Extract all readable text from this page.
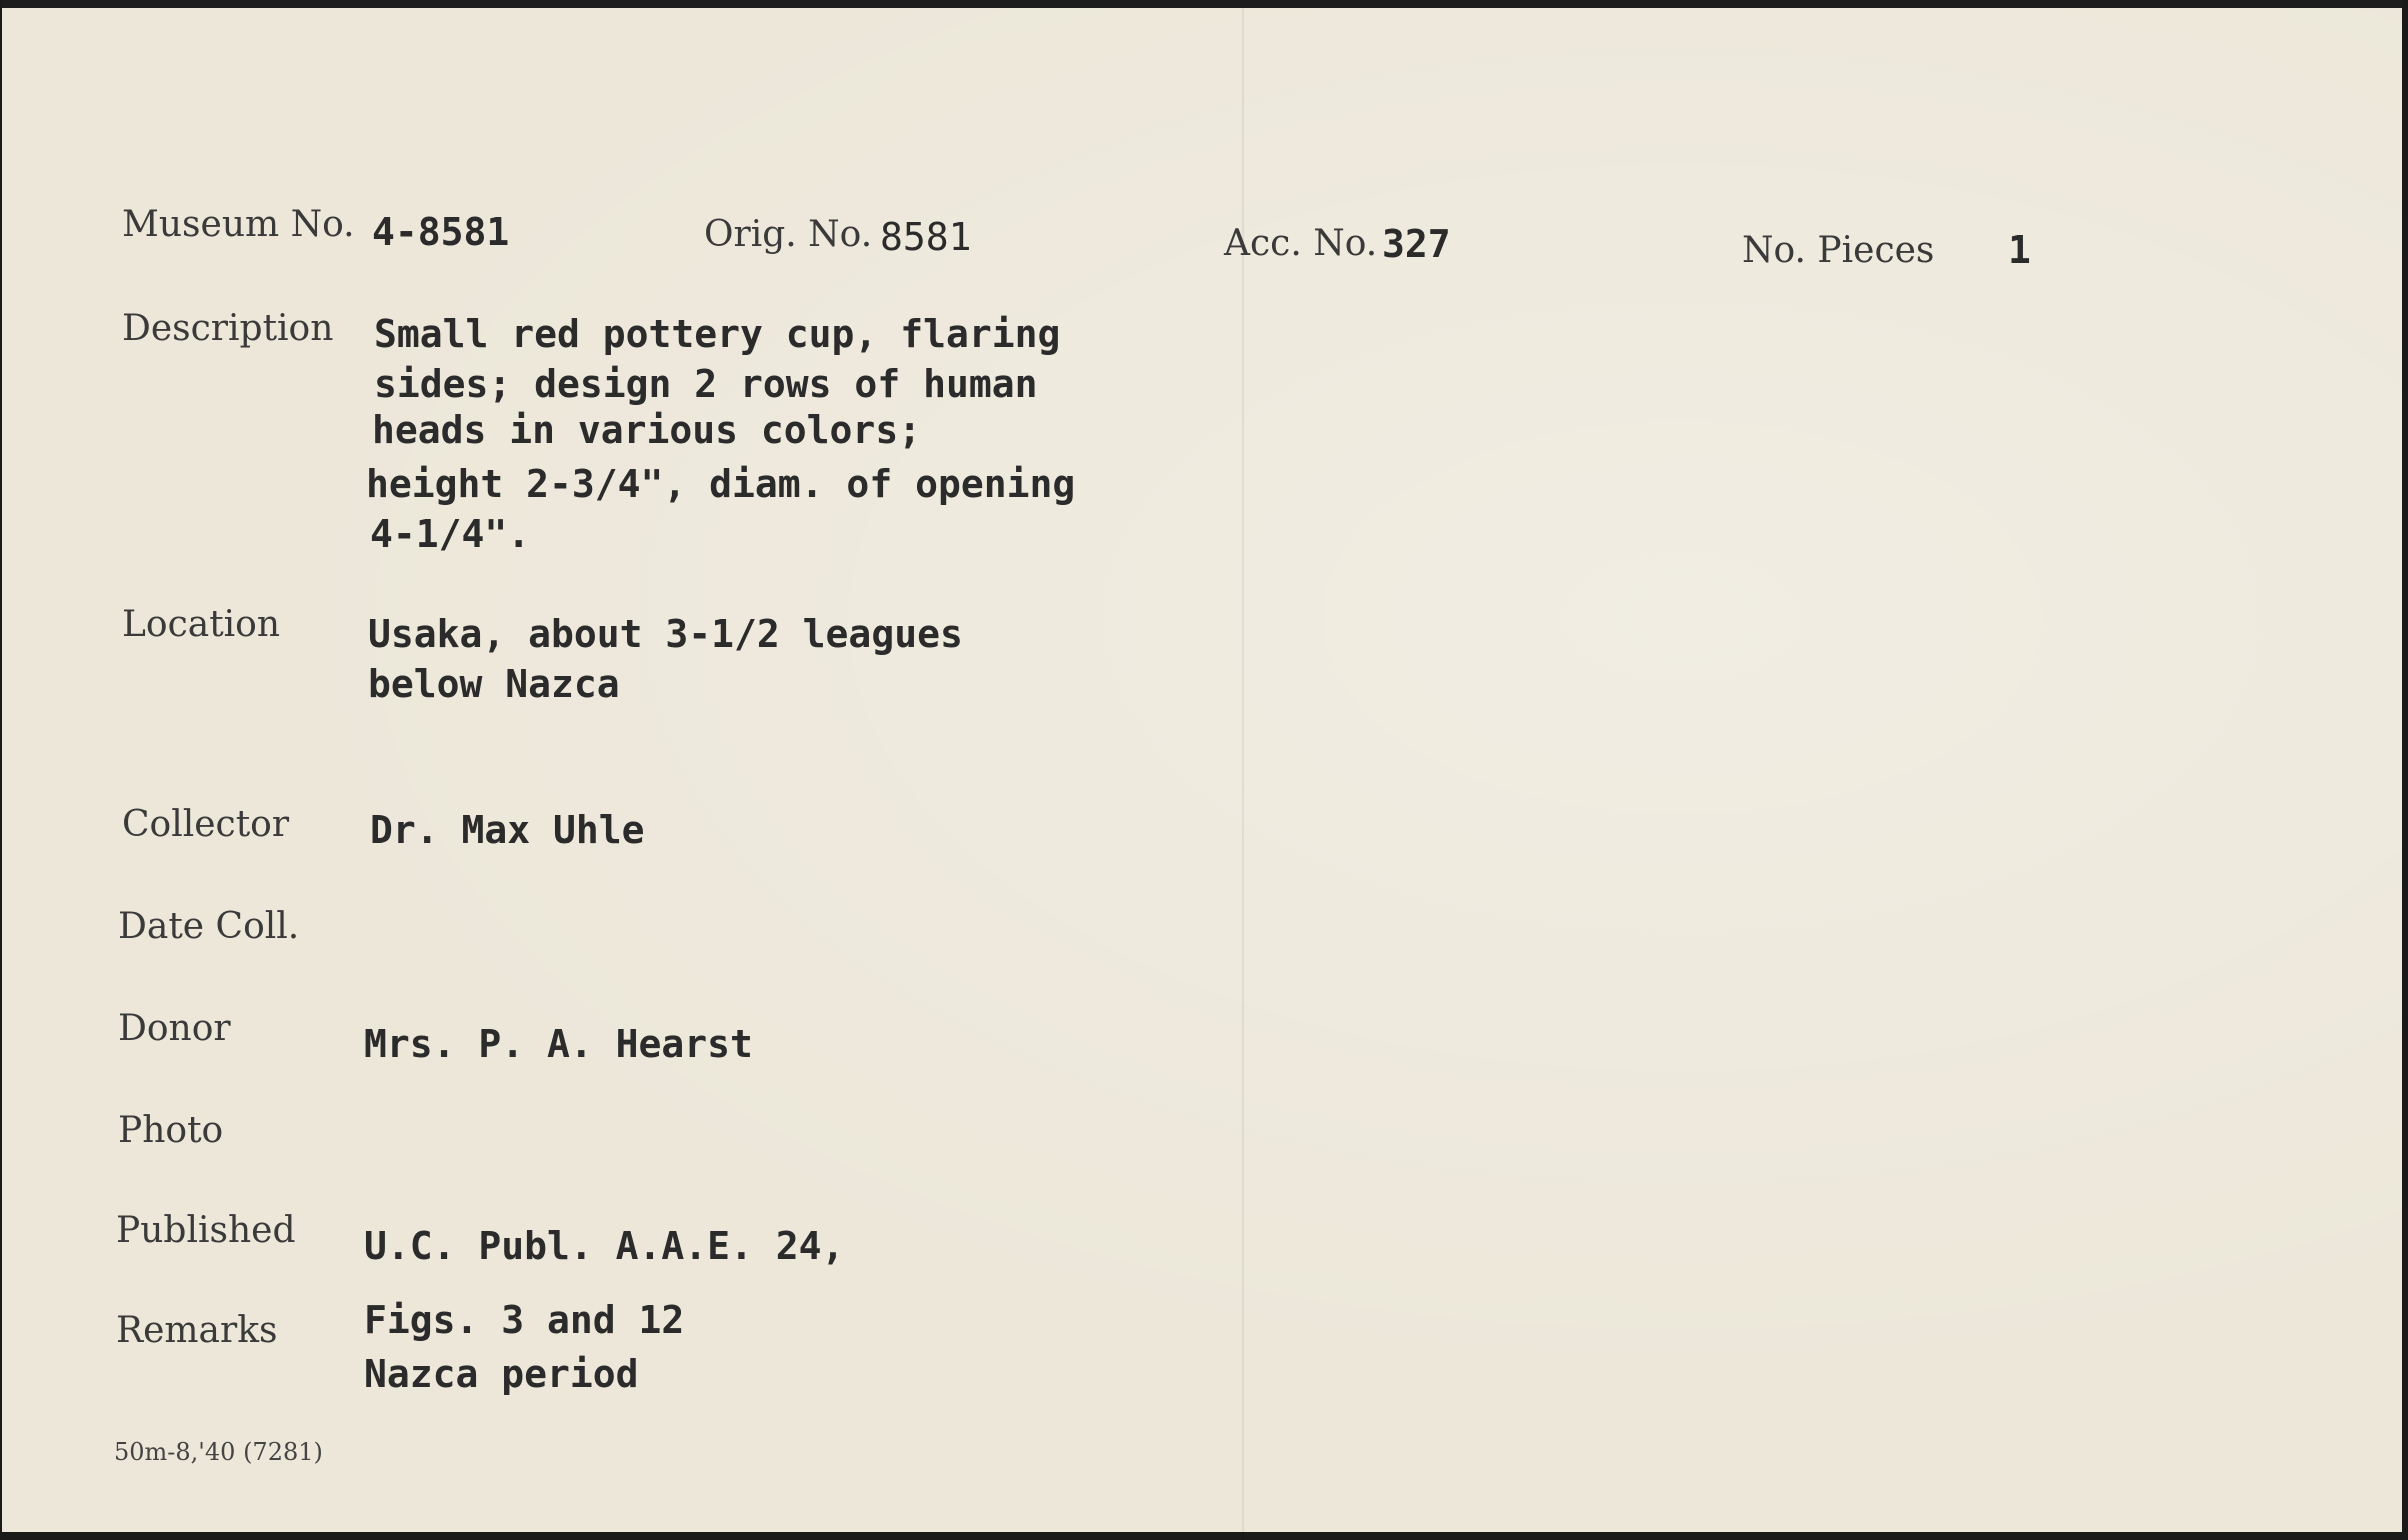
Museum No. 4-8581	Orig. No. 8581	Acc. No. 327	No. Pieces 1
Description Small red pottery cup, flaring
sides; design 2 rows of human
heads in various colors;
height 2-3/4", diam. of opening
4-1/4".
Location Usaka, about 3-1/2 leagues
below Nazca
Collector Dr. Max Uhle
Date Coll.
Donor	Mrs. P. A. Hearst
Photo
Published U.C. Publ. A.A.E. 24,
Remarks Figs. 3 and 12
Nazca period
50m-8,'40 (7281)
